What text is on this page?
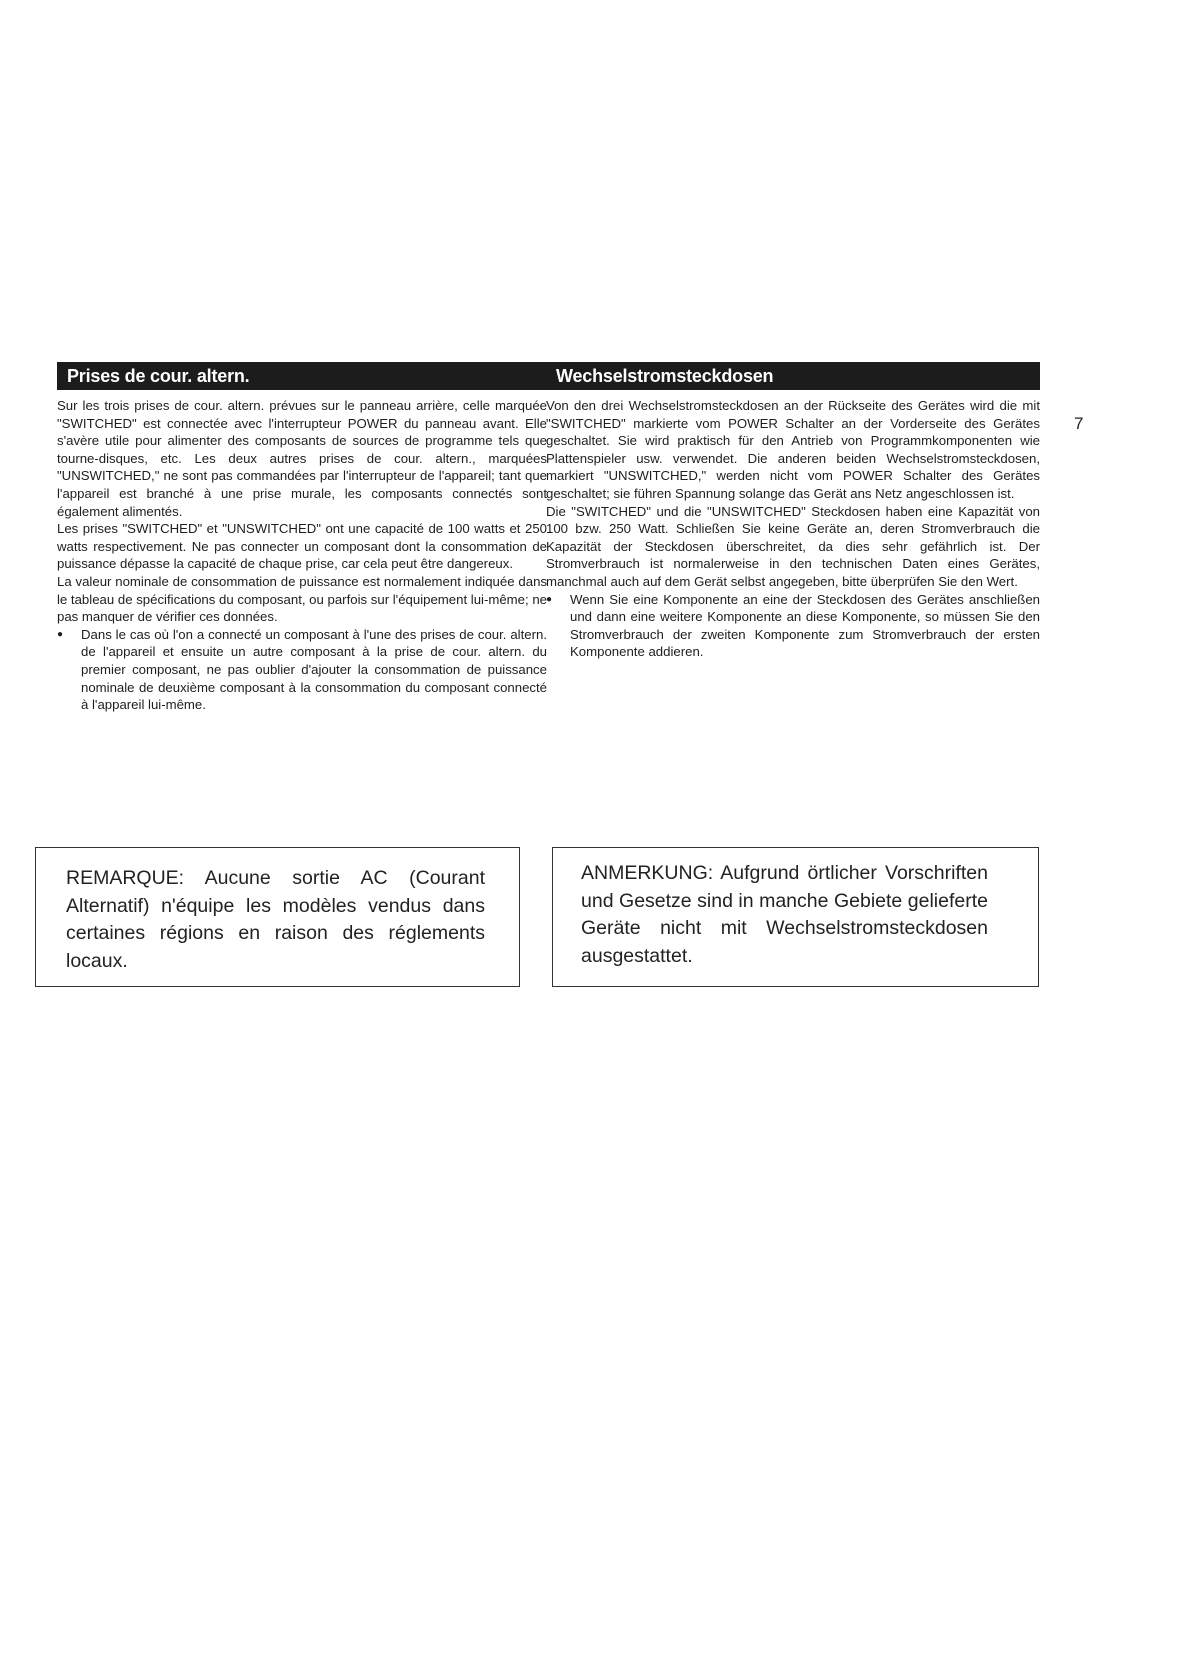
Prises de cour. altern.

Sur les trois prises de cour. altern. prévues sur le panneau arrière, celle marquée "SWITCHED" est connectée avec l'interrupteur POWER du panneau avant. Elle s'avère utile pour alimenter des composants de sources de programme tels que tourne-disques, etc. Les deux autres prises de cour. altern., marquées "UNSWITCHED," ne sont pas commandées par l'interrupteur de l'appareil; tant que l'appareil est branché à une prise murale, les composants connectés sont également alimentés.

Les prises "SWITCHED" et "UNSWITCHED" ont une capacité de 100 watts et 250 watts respectivement. Ne pas connecter un composant dont la consommation de puissance dépasse la capacité de chaque prise, car cela peut être dangereux.

La valeur nominale de consommation de puissance est normalement indiquée dans le tableau de spécifications du composant, ou parfois sur l'équipement lui-même; ne pas manquer de vérifier ces données.

●	Dans le cas où l'on a connecté un composant à l'une des prises de cour. altern. de l'appareil et ensuite un autre composant à la prise de cour. altern. du premier composant, ne pas oublier d'ajouter la consommation de puissance nominale de deuxième composant à la consommation du composant connecté à l'appareil lui-même.
Wechselstromsteckdosen

Von den drei Wechselstromsteckdosen an der Rückseite des Gerätes wird die mit "SWITCHED" markierte vom POWER Schalter an der Vorderseite des Gerätes geschaltet. Sie wird praktisch für den Antrieb von Programmkomponenten wie Plattenspieler usw. verwendet. Die anderen beiden Wechselstromsteckdosen, markiert "UNSWITCHED," werden nicht vom POWER Schalter des Gerätes geschaltet; sie führen Spannung solange das Gerät ans Netz angeschlossen ist.

Die "SWITCHED" und die "UNSWITCHED" Steckdosen haben eine Kapazität von 100 bzw. 250 Watt. Schließen Sie keine Geräte an, deren Stromverbrauch die Kapazität der Steckdosen überschreitet, da dies sehr gefährlich ist. Der Stromverbrauch ist normalerweise in den technischen Daten eines Gerätes, manchmal auch auf dem Gerät selbst angegeben, bitte überprüfen Sie den Wert.

●	Wenn Sie eine Komponente an eine der Steckdosen des Gerätes anschließen und dann eine weitere Komponente an diese Komponente, so müssen Sie den Stromverbrauch der zweiten Komponente zum Stromverbrauch der ersten Komponente addieren.
7
REMARQUE: Aucune sortie AC (Courant Alternatif) n'équipe les modèles vendus dans certaines régions en raison des réglements locaux.
ANMERKUNG: Aufgrund örtlicher Vorschriften und Gesetze sind in manche Gebiete gelieferte Geräte nicht mit Wechselstromsteckdosen ausgestattet.
